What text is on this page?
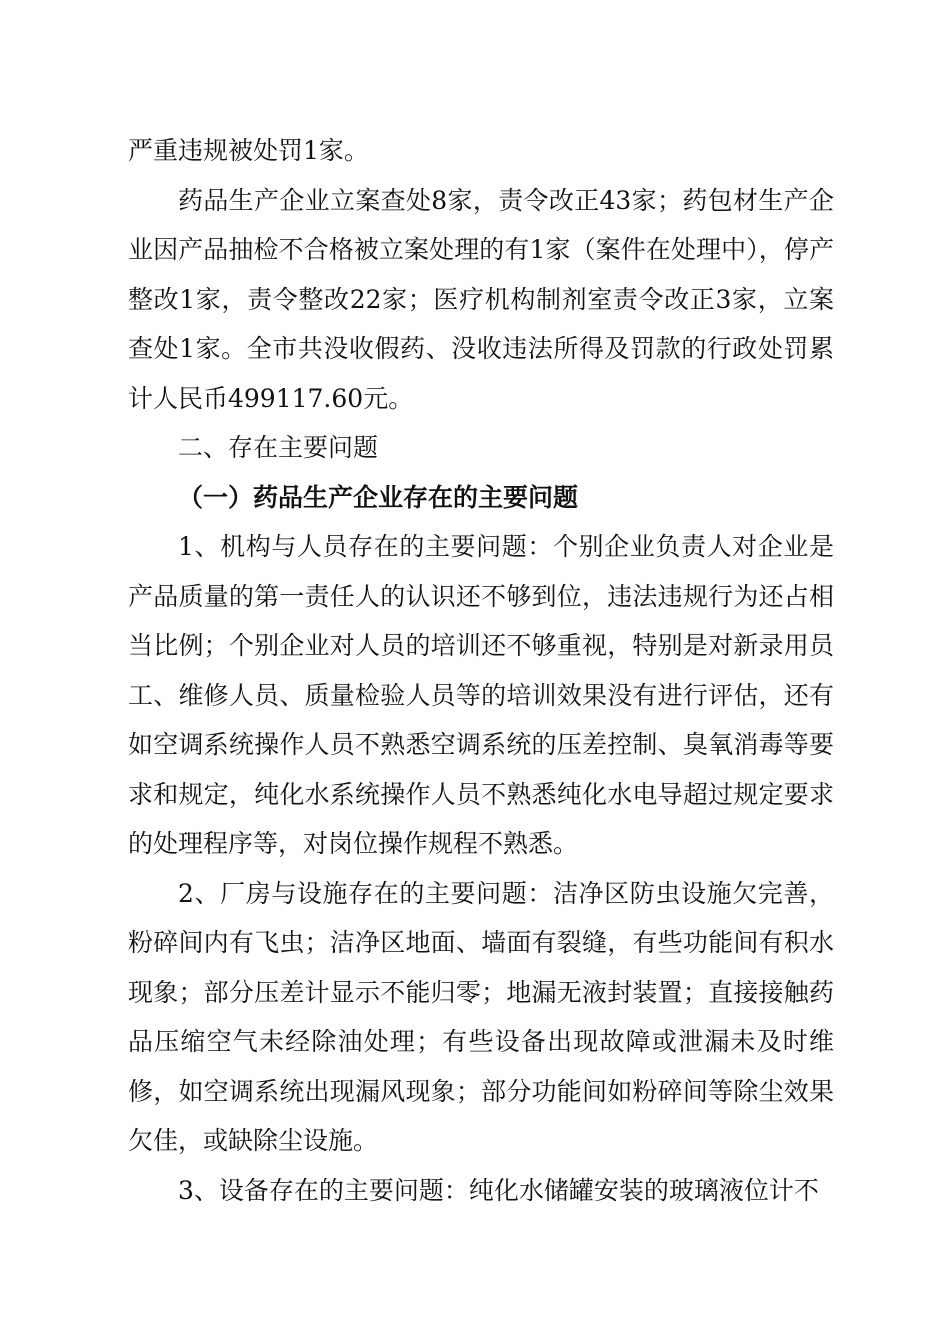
严重违规被处罚1家。

药品生产企业立案查处8家，责令改正43家；药包材生产企业因产品抽检不合格被立案处理的有1家（案件在处理中），停产整改1家，责令整改22家；医疗机构制剂室责令改正3家，立案查处1家。全市共没收假药、没收违法所得及罚款的行政处罚累计人民币499117.60元。

二、存在主要问题
（一）药品生产企业存在的主要问题

1、机构与人员存在的主要问题：个别企业负责人对企业是产品质量的第一责任人的认识还不够到位，违法违规行为还占相当比例；个别企业对人员的培训还不够重视，特别是对新录用员工、维修人员、质量检验人员等的培训效果没有进行评估，还有如空调系统操作人员不熟悉空调系统的压差控制、臭氧消毒等要求和规定，纯化水系统操作人员不熟悉纯化水电导超过规定要求的处理程序等，对岗位操作规程不熟悉。

2、厂房与设施存在的主要问题：洁净区防虫设施欠完善，粉碎间内有飞虫；洁净区地面、墙面有裂缝，有些功能间有积水现象；部分压差计显示不能归零；地漏无液封装置；直接接触药品压缩空气未经除油处理；有些设备出现故障或泄漏未及时维修，如空调系统出现漏风现象；部分功能间如粉碎间等除尘效果欠佳，或缺除尘设施。

3、设备存在的主要问题：纯化水储罐安装的玻璃液位计不
